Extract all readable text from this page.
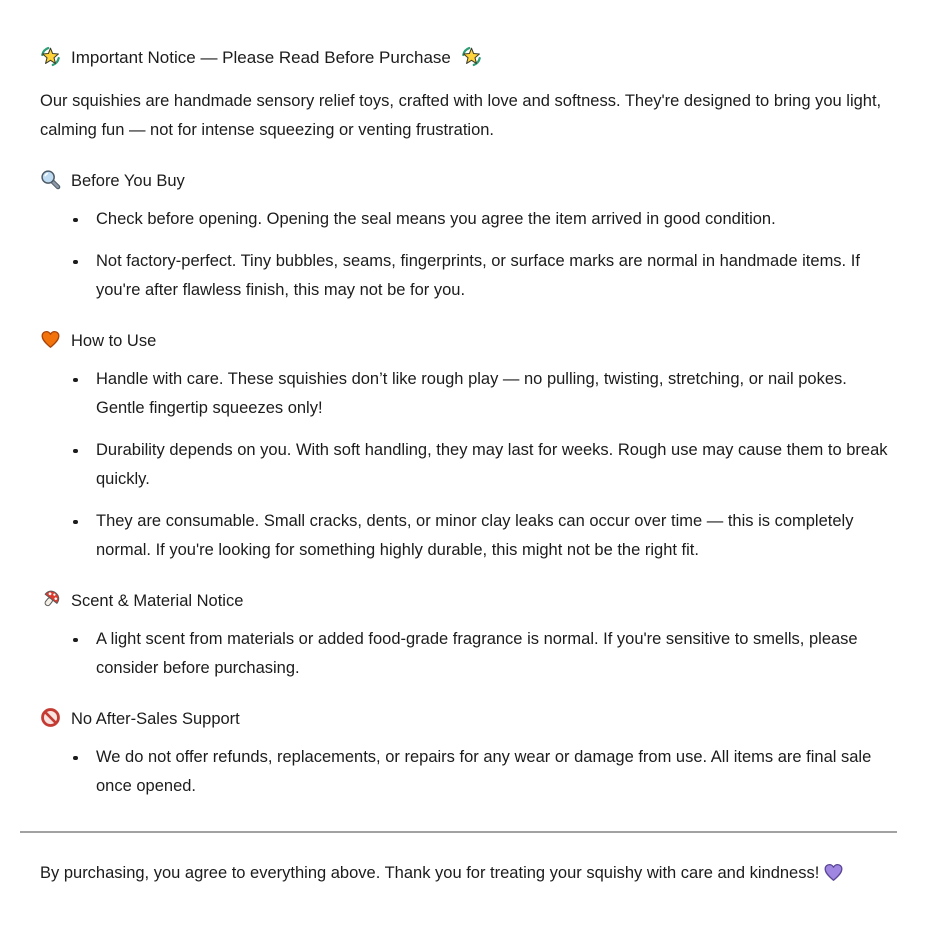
Important Notice — Please Read Before Purchase

Our squishies are handmade sensory relief toys, crafted with love and softness. They're designed to bring you light, calming fun — not for intense squeezing or venting frustration.

Before You Buy
Check before opening. Opening the seal means you agree the item arrived in good condition.
Not factory-perfect. Tiny bubbles, seams, fingerprints, or surface marks are normal in handmade items. If you're after flawless finish, this may not be for you.
How to Use
Handle with care. These squishies don’t like rough play — no pulling, twisting, stretching, or nail pokes. Gentle fingertip squeezes only!
Durability depends on you. With soft handling, they may last for weeks. Rough use may cause them to break quickly.
They are consumable. Small cracks, dents, or minor clay leaks can occur over time — this is completely normal. If you're looking for something highly durable, this might not be the right fit.
Scent & Material Notice
A light scent from materials or added food-grade fragrance is normal. If you're sensitive to smells, please consider before purchasing.
No After-Sales Support
We do not offer refunds, replacements, or repairs for any wear or damage from use. All items are final sale once opened.

By purchasing, you agree to everything above. Thank you for treating your squishy with care and kindness!
